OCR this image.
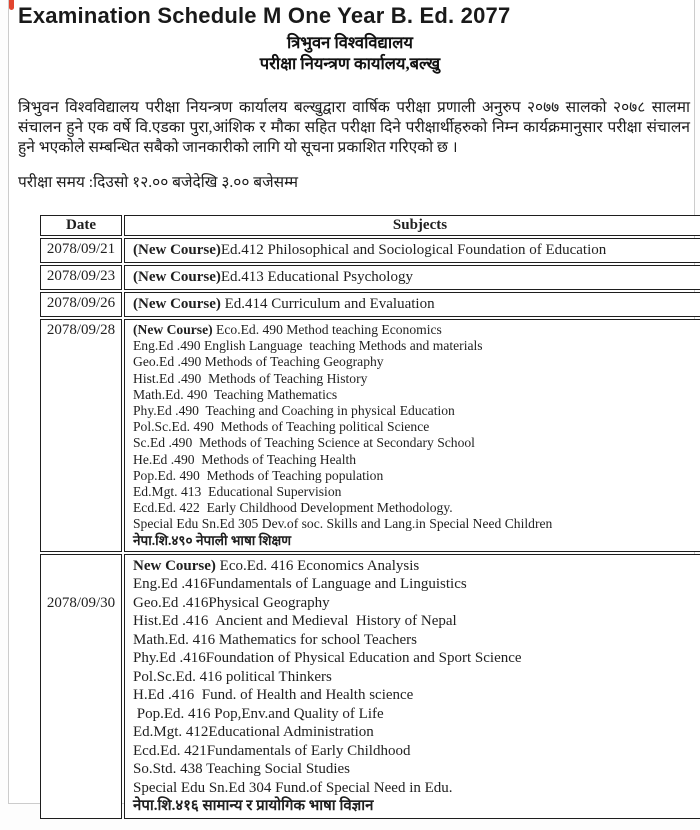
Examination Schedule M One Year B. Ed. 2077
त्रिभुवन विश्वविद्यालय
परीक्षा नियन्त्रण कार्यालय,बल्खु

त्रिभुवन विश्वविद्यालय परीक्षा नियन्त्रण कार्यालय बल्खुद्वारा वार्षिक परीक्षा प्रणाली अनुरुप २०७७ सालको २०७८ सालमा संचालन हुने एक वर्षे वि.एडका पुरा,आंशिक र मौका सहित परीक्षा दिने परीक्षार्थीहरुको निम्न कार्यक्रमानुसार परीक्षा संचालन हुने भएकोले सम्बन्धित सबैको जानकारीको लागि यो सूचना प्रकाशित गरिएको छ ।

परीक्षा समय :दिउसो १२.०० बजेदेखि ३.०० बजेसम्म
Date	Subjects
2078/09/21	(New Course)Ed.412 Philosophical and Sociological Foundation of Education

2078/09/23	(New Course)Ed.413 Educational Psychology

2078/09/26	(New Course) Ed.414 Curriculum and Evaluation

2078/09/28	(New Course) Eco.Ed. 490 Method teaching Economics
Eng.Ed .490 English Language  teaching Methods and materials
Geo.Ed .490 Methods of Teaching Geography
Hist.Ed .490  Methods of Teaching History
Math.Ed. 490  Teaching Mathematics
Phy.Ed .490  Teaching and Coaching in physical Education
Pol.Sc.Ed. 490  Methods of Teaching political Science
Sc.Ed .490  Methods of Teaching Science at Secondary School
He.Ed .490  Methods of Teaching Health
Pop.Ed. 490  Methods of Teaching population
Ed.Mgt. 413  Educational Supervision
Ecd.Ed. 422  Early Childhood Development Methodology.
Special Edu Sn.Ed 305 Dev.of soc. Skills and Lang.in Special Need Children
नेपा.शि.४९० नेपाली भाषा शिक्षण

2078/09/30	
New Course) Eco.Ed. 416 Economics Analysis
Eng.Ed .416Fundamentals of Language and Linguistics
Geo.Ed .416Physical Geography
Hist.Ed .416  Ancient and Medieval  History of Nepal
Math.Ed. 416 Mathematics for school Teachers
Phy.Ed .416Foundation of Physical Education and Sport Science
Pol.Sc.Ed. 416 political Thinkers
H.Ed .416  Fund. of Health and Health science
Pop.Ed. 416 Pop,Env.and Quality of Life
Ed.Mgt. 412Educational Administration
Ecd.Ed. 421Fundamentals of Early Childhood
So.Std. 438 Teaching Social Studies
Special Edu Sn.Ed 304 Fund.of Special Need in Edu.
नेपा.शि.४१६ सामान्य र प्रायोगिक भाषा विज्ञान
